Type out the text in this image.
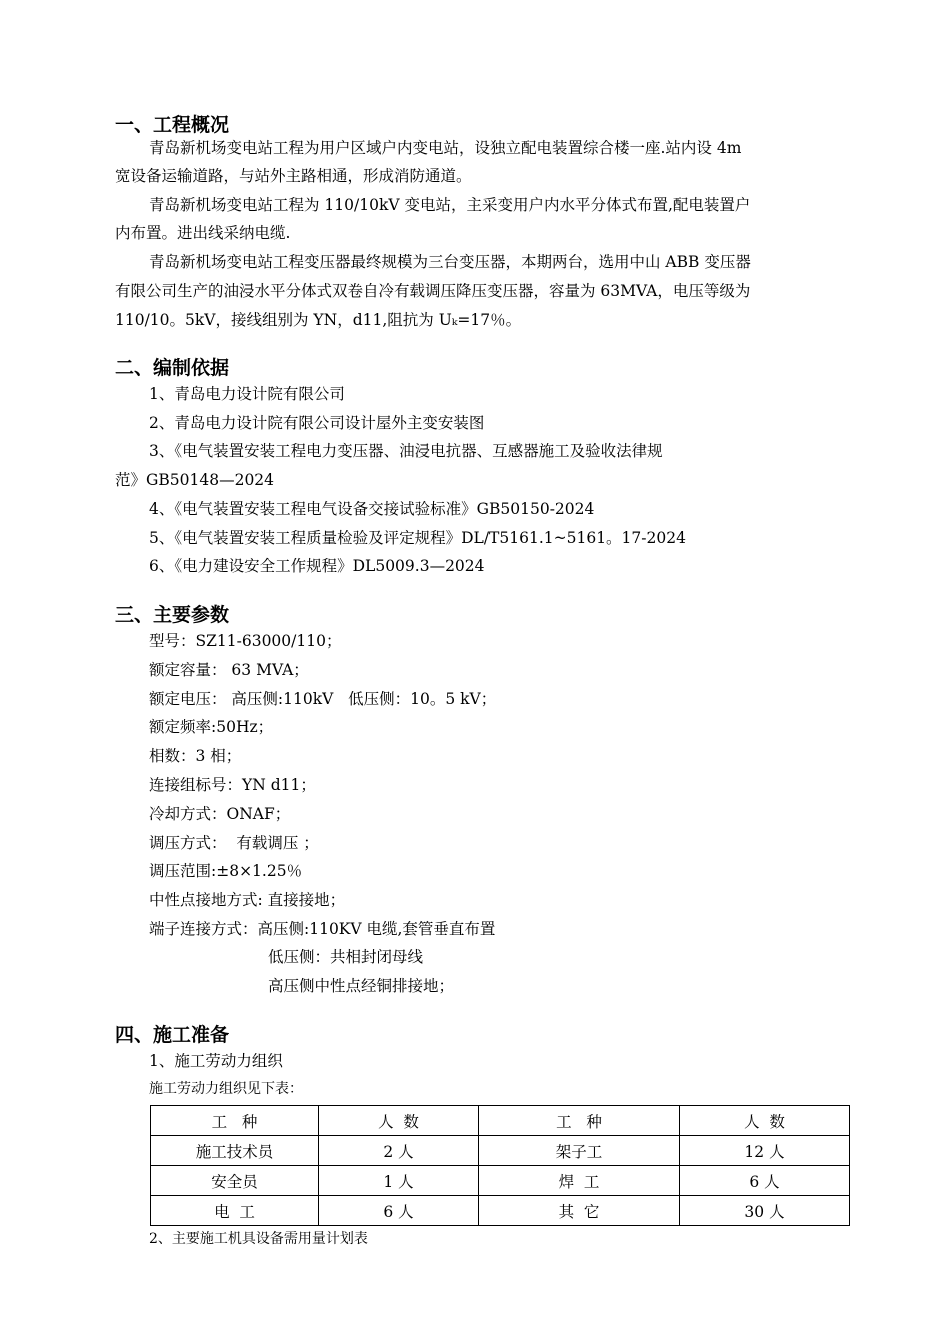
一、工程概况
青岛新机场变电站工程为用户区域户内变电站，设独立配电装置综合楼一座.站内设 4m
宽设备运输道路，与站外主路相通，形成消防通道。
青岛新机场变电站工程为 110/10kV 变电站，主采变用户内水平分体式布置,配电装置户
内布置。进出线采纳电缆.
青岛新机场变电站工程变压器最终规模为三台变压器，本期两台，选用中山 ABB 变压器
有限公司生产的油浸水平分体式双卷自冷有载调压降压变压器，容量为 63MVA，电压等级为
110/10。5kV，接线组别为 YN，d11,阻抗为 Uₖ=17％。
二、编制依据
1、青岛电力设计院有限公司
2、青岛电力设计院有限公司设计屋外主变安装图
3、《电气装置安装工程电力变压器、油浸电抗器、互感器施工及验收法律规
范》GB50148—2024
4、《电气装置安装工程电气设备交接试验标准》GB50150-2024
5、《电气装置安装工程质量检验及评定规程》DL/T5161.1~5161。17-2024
6、《电力建设安全工作规程》DL5009.3—2024
三、主要参数
型号：SZ11-63000/110；
额定容量： 63 MVA；
额定电压： 高压侧:110kV   低压侧：10。5 kV；
额定频率:50Hz；
相数：3 相；
连接组标号：YN d11；
冷却方式：ONAF；
调压方式：  有载调压 ；
调压范围:±8×1.25％
中性点接地方式: 直接接地；
端子连接方式：高压侧:110KV 电缆,套管垂直布置
低压侧：共相封闭母线
高压侧中性点经铜排接地；
四、施工准备
1、施工劳动力组织
施工劳动力组织见下表：
工   种	人  数	工   种	人  数
施工技术员	2 人	架子工	12 人
安全员	1 人	焊  工	6 人
电  工	6 人	其  它	30 人
2、主要施工机具设备需用量计划表
